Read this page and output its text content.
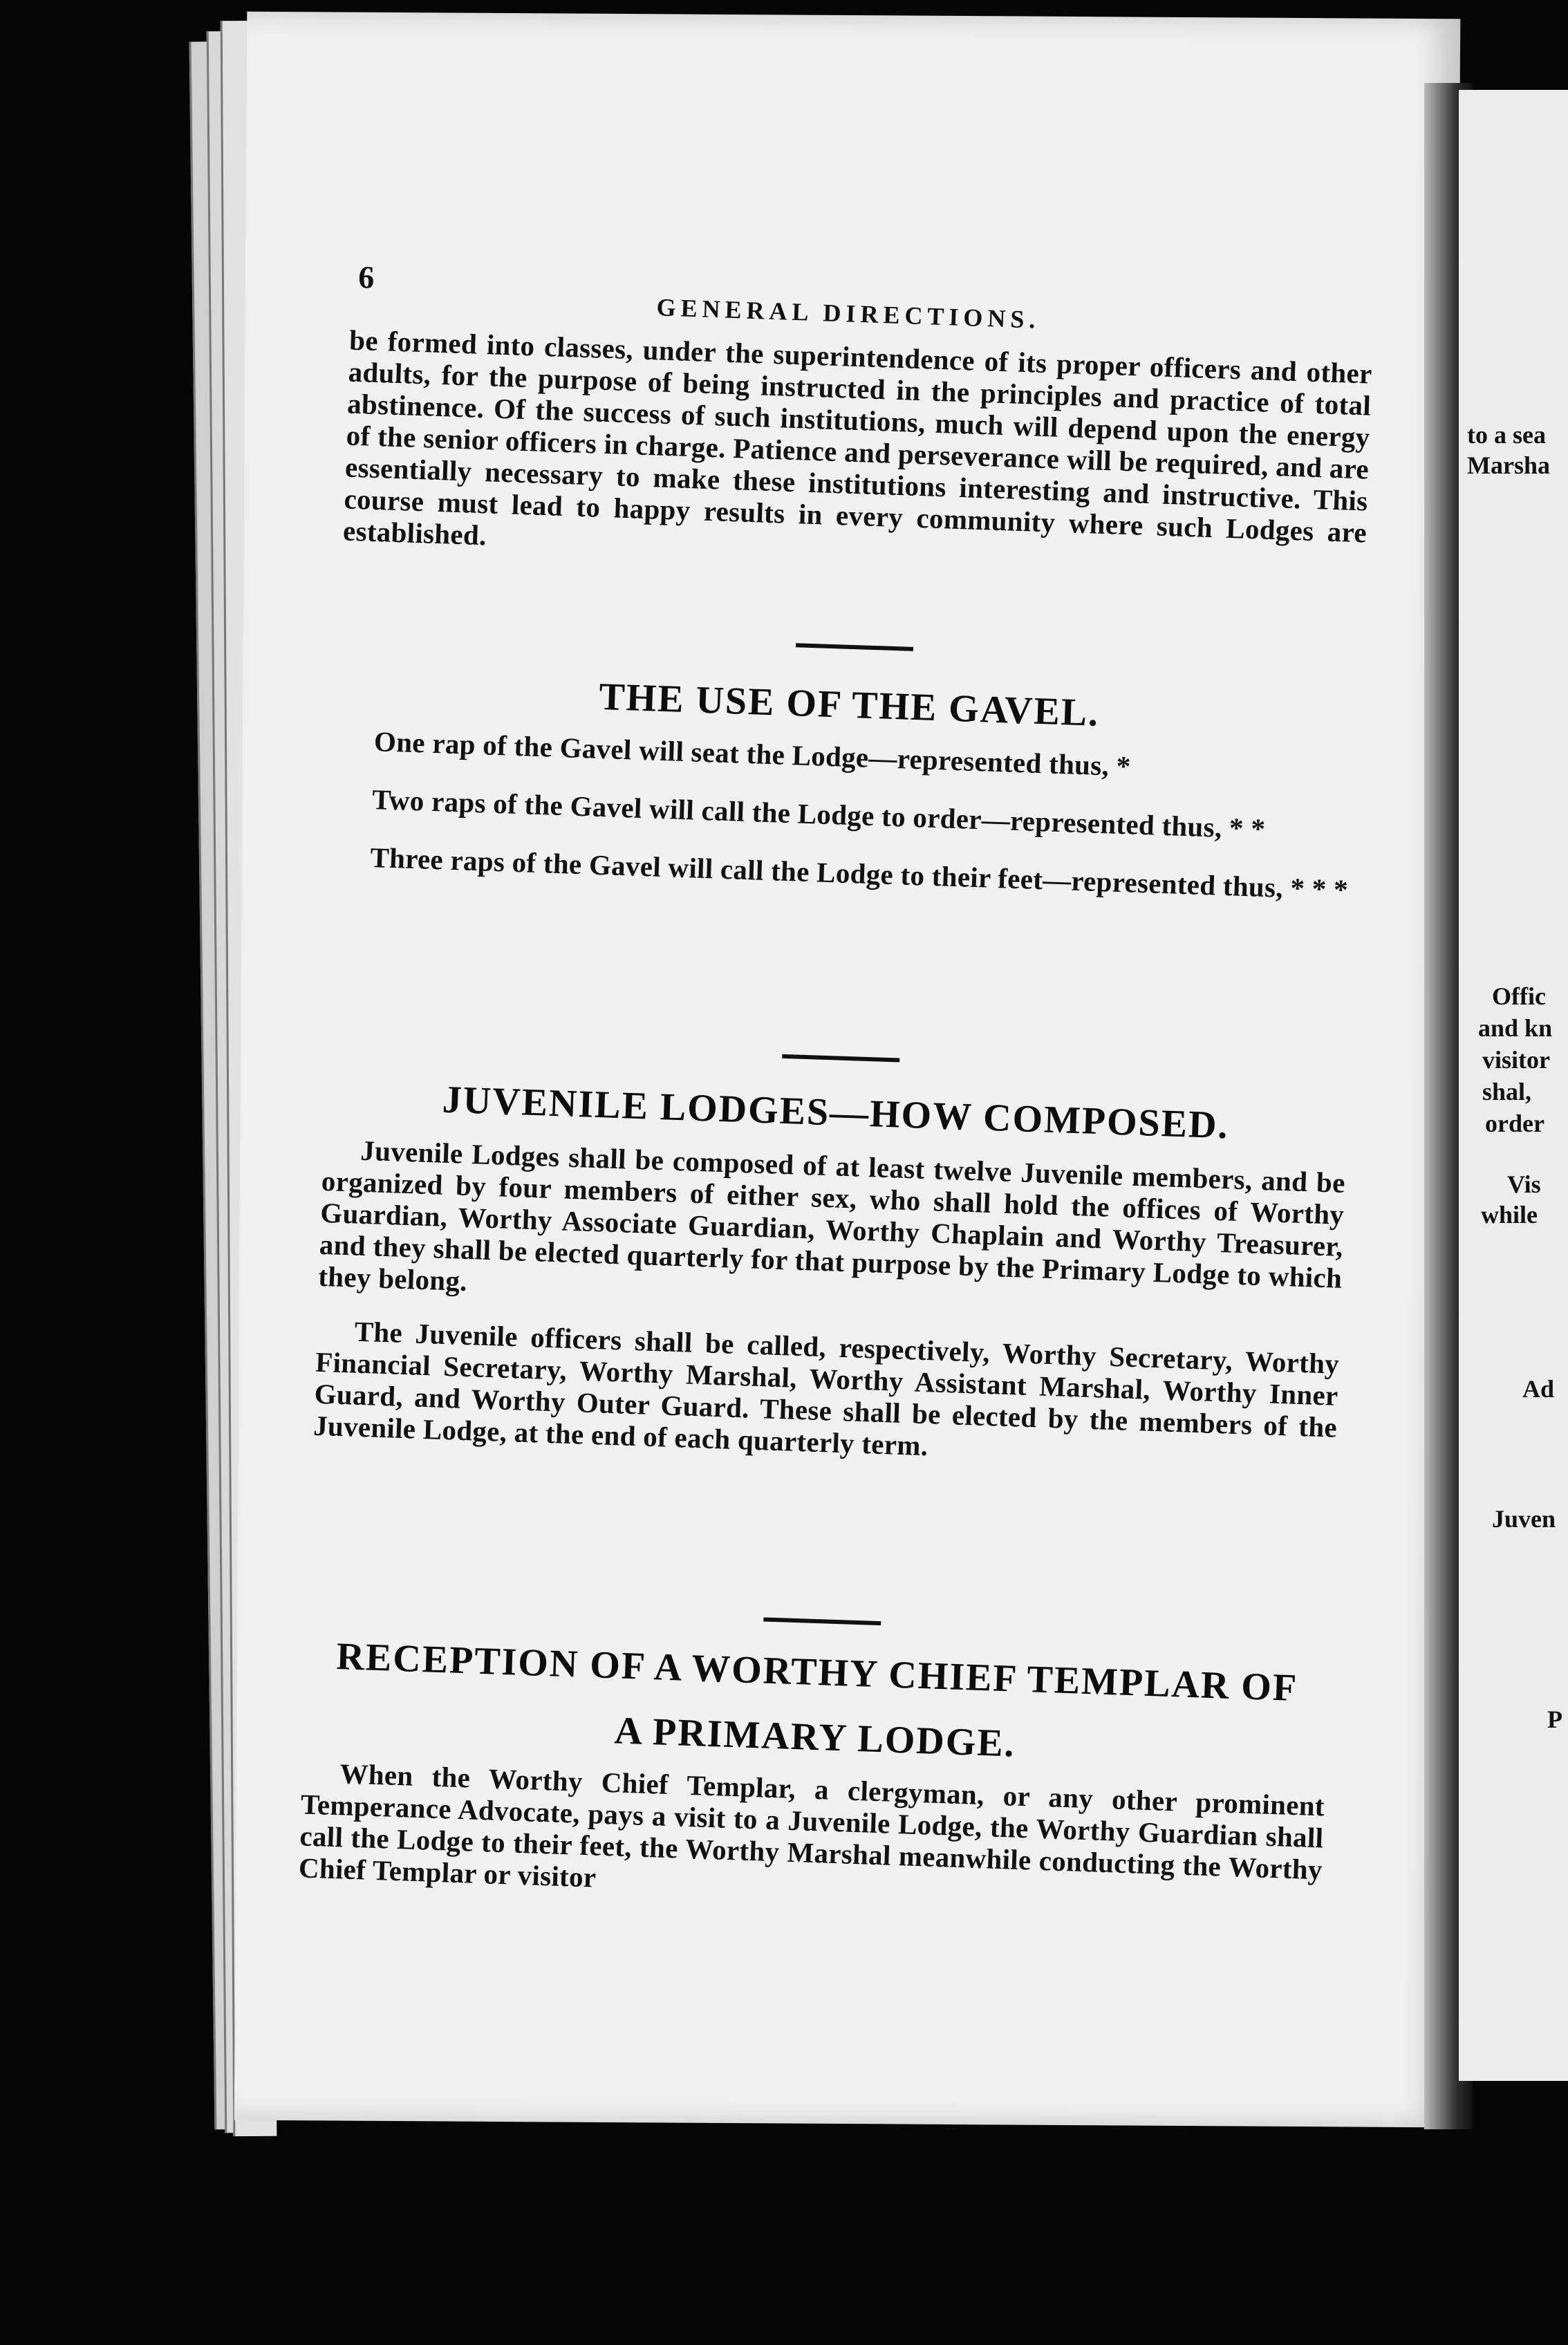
to a sea
Marsha
Offic
and kn
visitor
shal,
order
Vis
while
Ad
Juven
P
6
GENERAL DIRECTIONS.

be formed into classes, under the superintendence of its proper officers and other adults, for the purpose of being instructed in the principles and practice of total abstinence. Of the success of such institutions, much will depend upon the energy of the senior officers in charge. Patience and perseverance will be required, and are essentially necessary to make these institutions interesting and instructive. This course must lead to happy results in every community where such Lodges are established.

THE USE OF THE GAVEL.

One rap of the Gavel will seat the Lodge—represented thus, *

Two raps of the Gavel will call the Lodge to order—represented thus, * *

Three raps of the Gavel will call the Lodge to their feet—represented thus, * * *

JUVENILE LODGES—HOW COMPOSED.

Juvenile Lodges shall be composed of at least twelve Juvenile members, and be organized by four members of either sex, who shall hold the offices of Worthy Guardian, Worthy Associate Guardian, Worthy Chaplain and Worthy Treasurer, and they shall be elected quarterly for that purpose by the Primary Lodge to which they belong.

The Juvenile officers shall be called, respectively, Worthy Secretary, Worthy Financial Secretary, Worthy Marshal, Worthy Assistant Marshal, Worthy Inner Guard, and Worthy Outer Guard. These shall be elected by the members of the Juvenile Lodge, at the end of each quarterly term.

RECEPTION OF A WORTHY CHIEF TEMPLAR OF
A PRIMARY LODGE.

When the Worthy Chief Templar, a clergyman, or any other prominent Temperance Advocate, pays a visit to a Juvenile Lodge, the Worthy Guardian shall call the Lodge to their feet, the Worthy Marshal meanwhile conducting the Worthy Chief Templar or visitor
